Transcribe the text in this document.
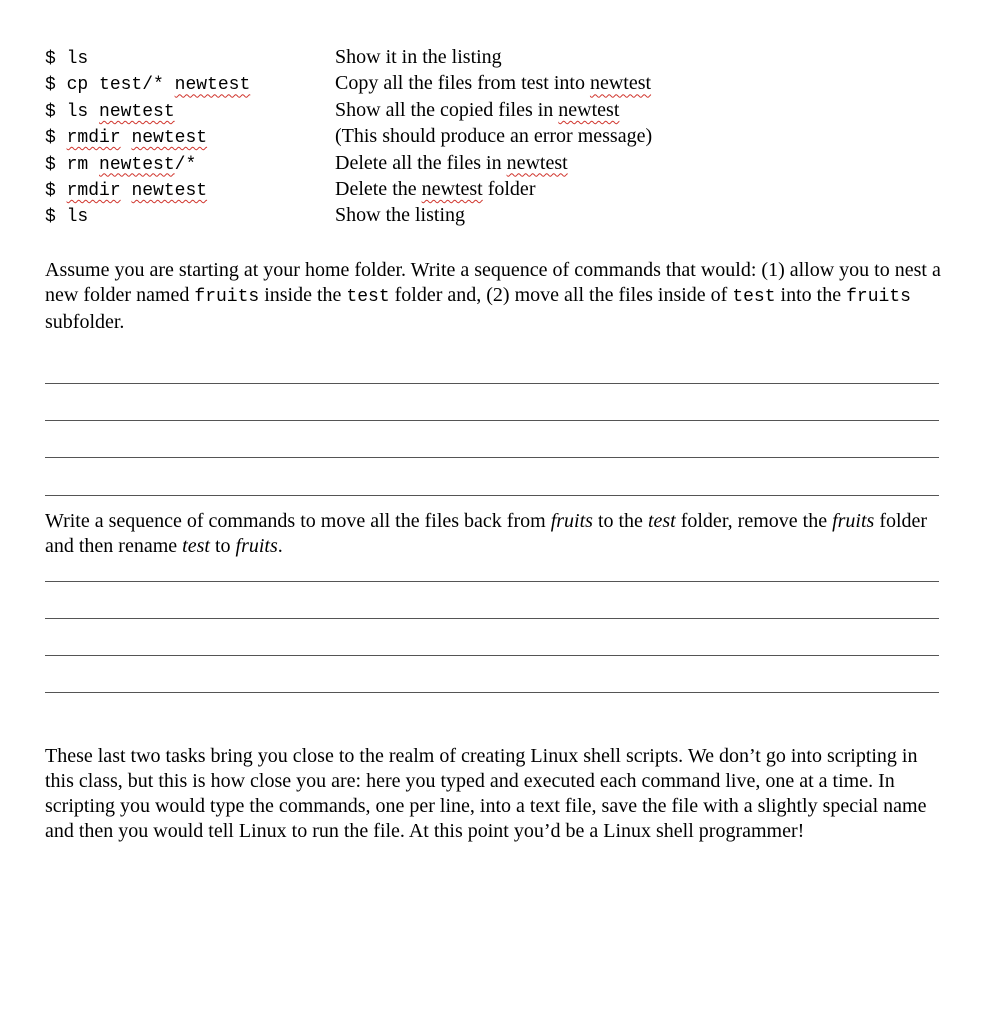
$ ls	Show it in the listing
$ cp test/* newtest	Copy all the files from test into newtest
$ ls newtest	Show all the copied files in newtest
$ rmdir newtest	(This should produce an error message)
$ rm newtest/*	Delete all the files in newtest
$ rmdir newtest	Delete the newtest folder
$ ls	Show the listing

Assume you are starting at your home folder. Write a sequence of commands that would: (1) allow you to nest a new folder named fruits inside the test folder and, (2) move all the files inside of test into the fruits subfolder.

Write a sequence of commands to move all the files back from fruits to the test folder, remove the fruits folder and then rename test to fruits.

These last two tasks bring you close to the realm of creating Linux shell scripts. We don’t go into scripting in this class, but this is how close you are: here you typed and executed each command live, one at a time. In scripting you would type the commands, one per line, into a text file, save the file with a slightly special name and then you would tell Linux to run the file. At this point you’d be a Linux shell programmer!
